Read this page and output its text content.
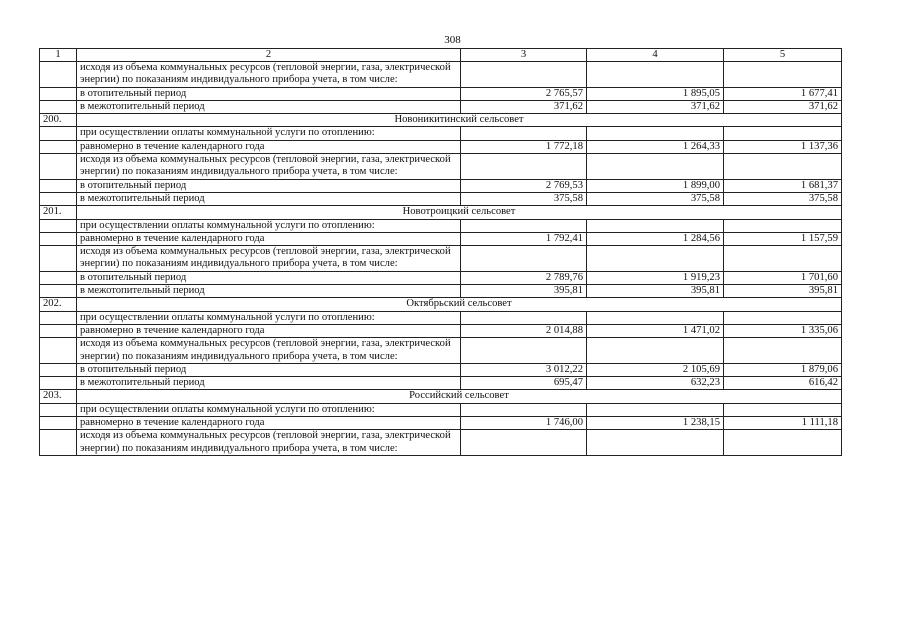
308
1	2	3	4	5
	исходя из объема коммунальных ресурсов (тепловой энергии, газа, электрической энергии) по показаниям индивидуального прибора учета, в том числе:			
	в отопительный период	2 765,57	1 895,05	1 677,41
	в межотопительный период	371,62	371,62	371,62
200.	Новоникитинский сельсовет			
	при осуществлении оплаты коммунальной услуги по отоплению:			
	равномерно в течение календарного года	1 772,18	1 264,33	1 137,36
	исходя из объема коммунальных ресурсов (тепловой энергии, газа, электрической энергии) по показаниям индивидуального прибора учета, в том числе:			
	в отопительный период	2 769,53	1 899,00	1 681,37
	в межотопительный период	375,58	375,58	375,58
201.	Новотроицкий сельсовет			
	при осуществлении оплаты коммунальной услуги по отоплению:			
	равномерно в течение календарного года	1 792,41	1 284,56	1 157,59
	исходя из объема коммунальных ресурсов (тепловой энергии, газа, электрической энергии) по показаниям индивидуального прибора учета, в том числе:			
	в отопительный период	2 789,76	1 919,23	1 701,60
	в межотопительный период	395,81	395,81	395,81
202.	Октябрьский сельсовет			
	при осуществлении оплаты коммунальной услуги по отоплению:			
	равномерно в течение календарного года	2 014,88	1 471,02	1 335,06
	исходя из объема коммунальных ресурсов (тепловой энергии, газа, электрической энергии) по показаниям индивидуального прибора учета, в том числе:			
	в отопительный период	3 012,22	2 105,69	1 879,06
	в межотопительный период	695,47	632,23	616,42
203.	Российский сельсовет			
	при осуществлении оплаты коммунальной услуги по отоплению:			
	равномерно в течение календарного года	1 746,00	1 238,15	1 111,18
	исходя из объема коммунальных ресурсов (тепловой энергии, газа, электрической энергии) по показаниям индивидуального прибора учета, в том числе:			
